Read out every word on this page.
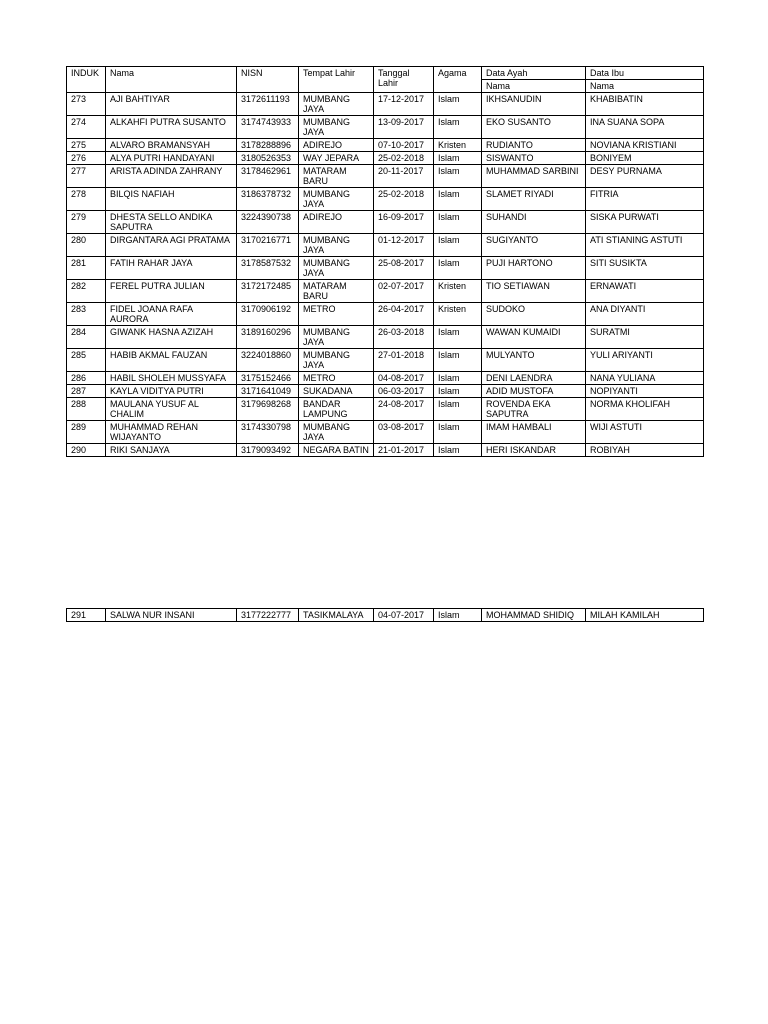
INDUK	Nama	NISN	Tempat Lahir	Tanggal Lahir	Agama	Data Ayah	Data Ibu
						Nama	Nama
273	AJI BAHTIYAR	3172611193	MUMBANG JAYA	17-12-2017	Islam	IKHSANUDIN	KHABIBATIN
274	ALKAHFI PUTRA SUSANTO	3174743933	MUMBANG JAYA	13-09-2017	Islam	EKO SUSANTO	INA SUANA SOPA
275	ALVARO BRAMANSYAH	3178288896	ADIREJO	07-10-2017	Kristen	RUDIANTO	NOVIANA KRISTIANI
276	ALYA PUTRI HANDAYANI	3180526353	WAY JEPARA	25-02-2018	Islam	SISWANTO	BONIYEM
277	ARISTA ADINDA ZAHRANY	3178462961	MATARAM BARU	20-11-2017	Islam	MUHAMMAD SARBINI	DESY PURNAMA
278	BILQIS NAFIAH	3186378732	MUMBANG JAYA	25-02-2018	Islam	SLAMET RIYADI	FITRIA
279	DHESTA SELLO ANDIKA SAPUTRA	3224390738	ADIREJO	16-09-2017	Islam	SUHANDI	SISKA PURWATI
280	DIRGANTARA AGI PRATAMA	3170216771	MUMBANG JAYA	01-12-2017	Islam	SUGIYANTO	ATI STIANING ASTUTI
281	FATIH RAHAR JAYA	3178587532	MUMBANG JAYA	25-08-2017	Islam	PUJI HARTONO	SITI SUSIKTA
282	FEREL PUTRA JULIAN	3172172485	MATARAM BARU	02-07-2017	Kristen	TIO SETIAWAN	ERNAWATI
283	FIDEL JOANA RAFA AURORA	3170906192	METRO	26-04-2017	Kristen	SUDOKO	ANA DIYANTI
284	GIWANK HASNA AZIZAH	3189160296	MUMBANG JAYA	26-03-2018	Islam	WAWAN KUMAIDI	SURATMI
285	HABIB AKMAL FAUZAN	3224018860	MUMBANG JAYA	27-01-2018	Islam	MULYANTO	YULI ARIYANTI
286	HABIL SHOLEH MUSSYAFA	3175152466	METRO	04-08-2017	Islam	DENI LAENDRA	NANA YULIANA
287	KAYLA VIDITYA PUTRI	3171641049	SUKADANA	06-03-2017	Islam	ADID MUSTOFA	NOPIYANTI
288	MAULANA YUSUF AL CHALIM	3179698268	BANDAR LAMPUNG	24-08-2017	Islam	ROVENDA EKA SAPUTRA	NORMA KHOLIFAH
289	MUHAMMAD REHAN WIJAYANTO	3174330798	MUMBANG JAYA	03-08-2017	Islam	IMAM HAMBALI	WIJI ASTUTI
290	RIKI SANJAYA	3179093492	NEGARA BATIN	21-01-2017	Islam	HERI ISKANDAR	ROBIYAH
291	SALWA NUR INSANI	3177222777	TASIKMALAYA	04-07-2017	Islam	MOHAMMAD SHIDIQ	MILAH KAMILAH
